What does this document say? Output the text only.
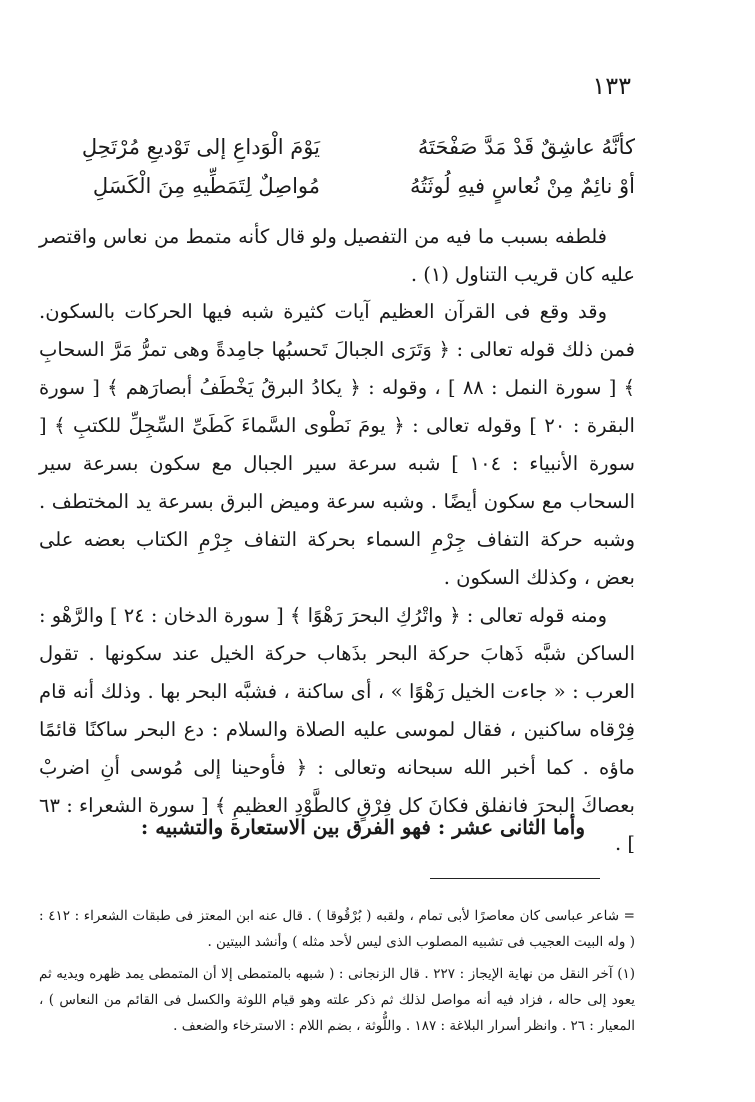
١٣٣
كأنَّهُ عاشِقٌ قَدْ مَدَّ صَفْحَتَهُ
يَوْمَ الْوَداعِ إلى تَوْديعِ مُرْتَحِلِ
أوْ نائِمٌ مِنْ نُعاسٍ فيهِ لُوثَتُهُ
مُواصِلٌ لِتَمَطِّيهِ مِنَ الْكَسَلِ

فلطفه بسبب ما فيه من التفصيل ولو قال كأنه متمط من نعاس واقتصر عليه كان قريب التناول (١) .

وقد وقع فى القرآن العظيم آيات كثيرة شبه فيها الحركات بالسكون. فمن ذلك قوله تعالى : ﴿ وَتَرَى الجبالَ تَحسبُها جامِدةً وهى تمرُّ مَرَّ السحابِ ﴾ [ سورة النمل : ٨٨ ] ، وقوله : ﴿ يكادُ البرقُ يَخْطَفُ أبصارَهم ﴾ [ سورة البقرة : ٢٠ ] وقوله تعالى : ﴿ يومَ نَطْوى السَّماءَ كَطَىِّ السِّجِلِّ للكتبِ ﴾ [ سورة الأنبياء : ١٠٤ ] شبه سرعة سير الجبال مع سكون بسرعة سير السحاب مع سكون أيضًا . وشبه سرعة وميض البرق بسرعة يد المختطف . وشبه حركة التفاف جِرْمِ السماء بحركة التفاف جِرْمِ الكتاب بعضه على بعض ، وكذلك السكون .

ومنه قوله تعالى : ﴿ واتْرُكِ البحرَ رَهْوًا ﴾ [ سورة الدخان : ٢٤ ] والرَّهْو : الساكن شبَّه ذَهابَ حركة البحر بذَهاب حركة الخيل عند سكونها . تقول العرب : « جاءت الخيل رَهْوًا » ، أى ساكنة ، فشبَّه البحر بها . وذلك أنه قام فِرْقاه ساكنين ، فقال لموسى عليه الصلاة والسلام : دع البحر ساكنًا قائمًا ماؤه . كما أخبر الله سبحانه وتعالى : ﴿ فأوحينا إلى مُوسى أنِ اضربْ بعصاكَ البحرَ فانفلق فكانَ كل فِرْقٍ كالطَّوْدِ العظيمِ ﴾ [ سورة الشعراء : ٦٣ ] .

وأما الثانى عشر : فهو الفرق بين الاستعارة والتشبيه :

= شاعر عباسى كان معاصرًا لأبى تمام ، ولقبه ( بُرْقُوقا ) . قال عنه ابن المعتز فى طبقات الشعراء : ٤١٢ : ( وله البيت العجيب فى تشبيه المصلوب الذى ليس لأحد مثله ) وأنشد البيتين .

(١) آخر النقل من نهاية الإيجاز : ٢٢٧ . قال الزنجانى : ( شبهه بالمتمطى إلا أن المتمطى يمد ظهره ويديه ثم يعود إلى حاله ، فزاد فيه أنه مواصل لذلك ثم ذكر علته وهو قيام اللوثة والكسل فى القائم من النعاس ) ، المعيار : ٢٦ . وانظر أسرار البلاغة : ١٨٧ . واللُّوثة ، بضم اللام : الاسترخاء والضعف .
